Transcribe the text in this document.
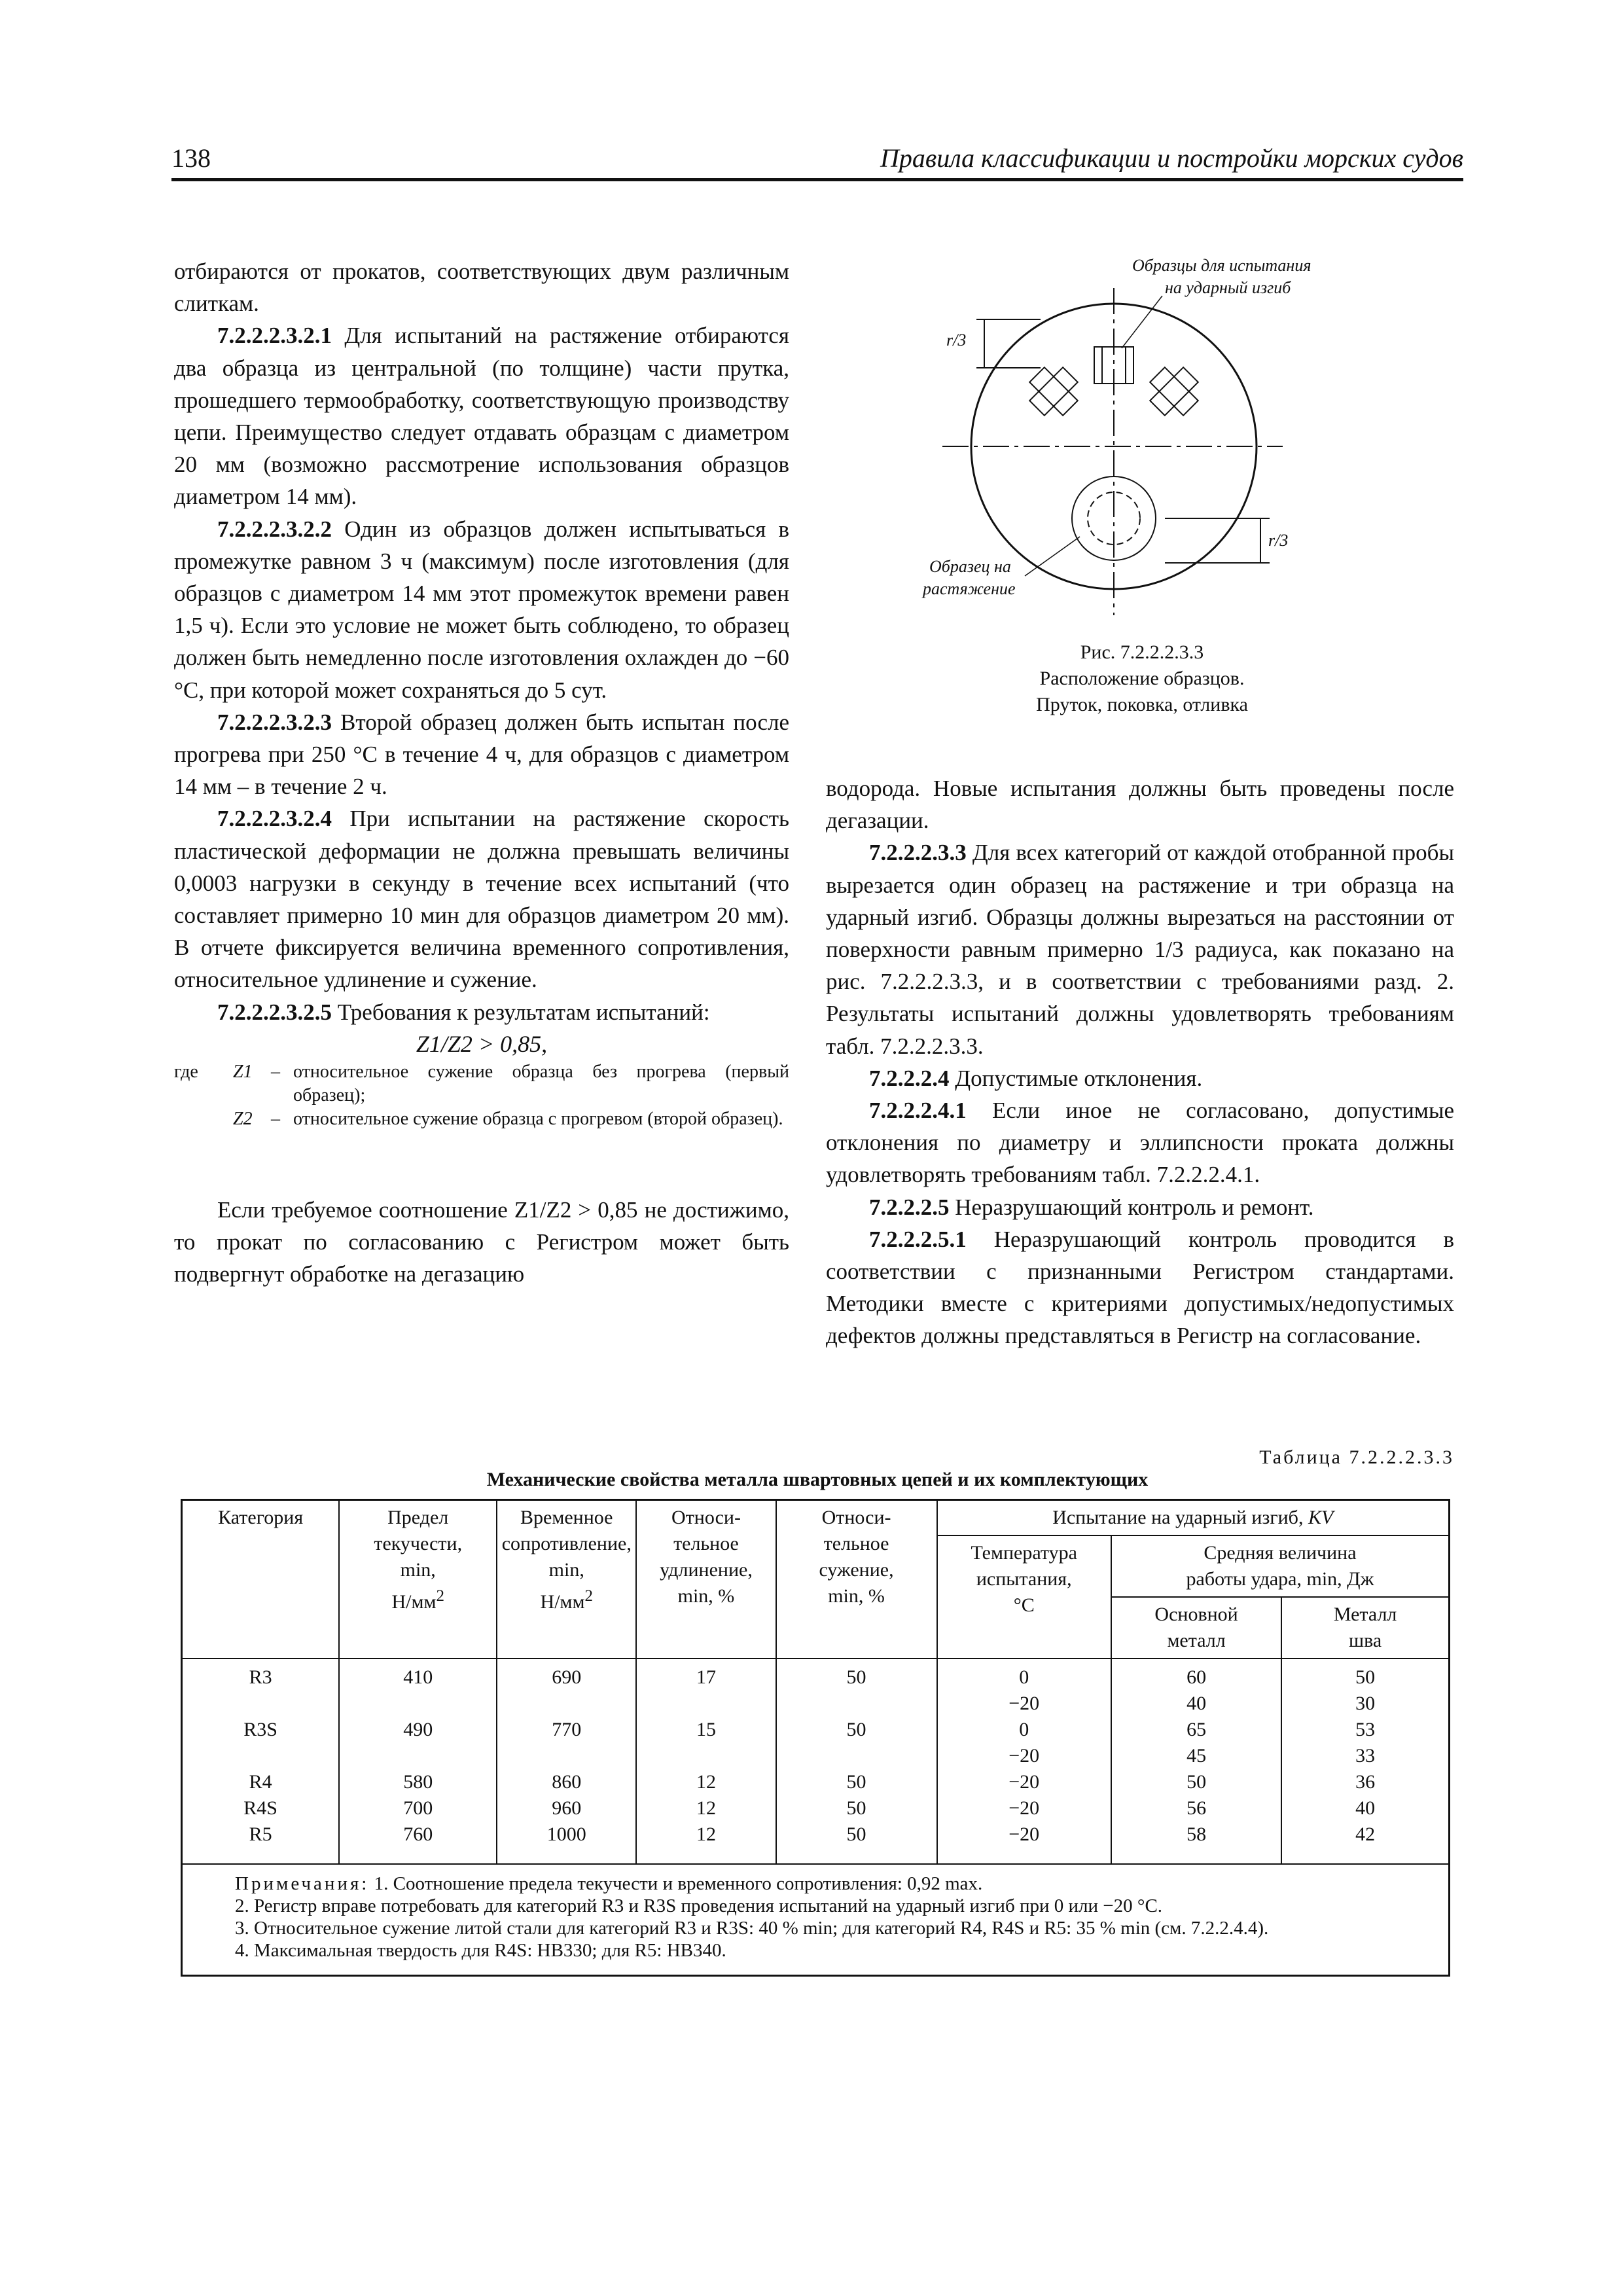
138	Правила классификации и постройки морских судов

отбираются от прокатов, соответствующих двум различным слиткам.

7.2.2.2.3.2.1 Для испытаний на растяжение отбираются два образца из центральной (по толщине) части прутка, прошедшего термообработку, соответствующую производству цепи. Преимущество следует отдавать образцам с диаметром 20 мм (возможно рассмотрение использования образцов диаметром 14 мм).

7.2.2.2.3.2.2 Один из образцов должен испытываться в промежутке равном 3 ч (максимум) после изготовления (для образцов с диаметром 14 мм этот промежуток времени равен 1,5 ч). Если это условие не может быть соблюдено, то образец должен быть немедленно после изготовления охлажден до −60 °С, при которой может сохраняться до 5 сут.

7.2.2.2.3.2.3 Второй образец должен быть испытан после прогрева при 250 °С в течение 4 ч, для образцов с диаметром 14 мм – в течение 2 ч.

7.2.2.2.3.2.4 При испытании на растяжение скорость пластической деформации не должна превышать величины 0,0003 нагрузки в секунду в течение всех испытаний (что составляет примерно 10 мин для образцов диаметром 20 мм). В отчете фиксируется величина временного сопротивления, относительное удлинение и сужение.

7.2.2.2.3.2.5 Требования к результатам испытаний:

Z1/Z2 > 0,85,

где	Z1	– относительное сужение образца без прогрева (первый образец);
Z2	– относительное сужение образца с прогревом (второй образец).

Если требуемое соотношение Z1/Z2 > 0,85 не достижимо, то прокат по согласованию с Регистром может быть подвергнут обработке на дегазацию

r/3
r/3
Образцы для испытания
на ударный изгиб
Образец на
растяжение
Рис. 7.2.2.2.3.3
Расположение образцов.
Пруток, поковка, отливка

водорода. Новые испытания должны быть проведены после дегазации.

7.2.2.2.3.3 Для всех категорий от каждой отобранной пробы вырезается один образец на растяжение и три образца на ударный изгиб. Образцы должны вырезаться на расстоянии от поверхности равным примерно 1/3 радиуса, как показано на рис. 7.2.2.2.3.3, и в соответствии с требованиями разд. 2. Результаты испытаний должны удовлетворять требованиям табл. 7.2.2.2.3.3.

7.2.2.2.4 Допустимые отклонения.

7.2.2.2.4.1 Если иное не согласовано, допустимые отклонения по диаметру и эллипсности проката должны удовлетворять требованиям табл. 7.2.2.2.4.1.

7.2.2.2.5 Неразрушающий контроль и ремонт.

7.2.2.2.5.1 Неразрушающий контроль проводится в соответствии с признанными Регистром стандартами. Методики вместе с критериями допустимых/недопустимых дефектов должны представляться в Регистр на согласование.

Таблица 7.2.2.2.3.3
Механические свойства металла швартовных цепей и их комплектующих
Категория	Предел
текучести,
min,
$Н/мм^2$	Временное
сопротивление,
min,
$Н/мм^2$	Относи-
тельное
удлинение,
min, %	Относи-
тельное
сужение,
min, %	Испытание на ударный изгиб, KV		
					Температура
испытания,
°С	Средняя величина
работы удара, min, Дж	
						Основной
металл	Металл
шва
R3	410	690	17	50	0	60	50
					−20	40	30
R3S	490	770	15	50	0	65	53
					−20	45	33
R4	580	860	12	50	−20	50	36
R4S	700	960	12	50	−20	56	40
R5	760	1000	12	50	−20	58	42

Примечания: 1. Соотношение предела текучести и временного сопротивления: 0,92 max.
2. Регистр вправе потребовать для категорий R3 и R3S проведения испытаний на ударный изгиб при 0 или −20 °С.
3. Относительное сужение литой стали для категорий R3 и R3S: 40 % min; для категорий R4, R4S и R5: 35 % min (см. 7.2.2.4.4).
4. Максимальная твердость для R4S: HB330; для R5: HB340.							
